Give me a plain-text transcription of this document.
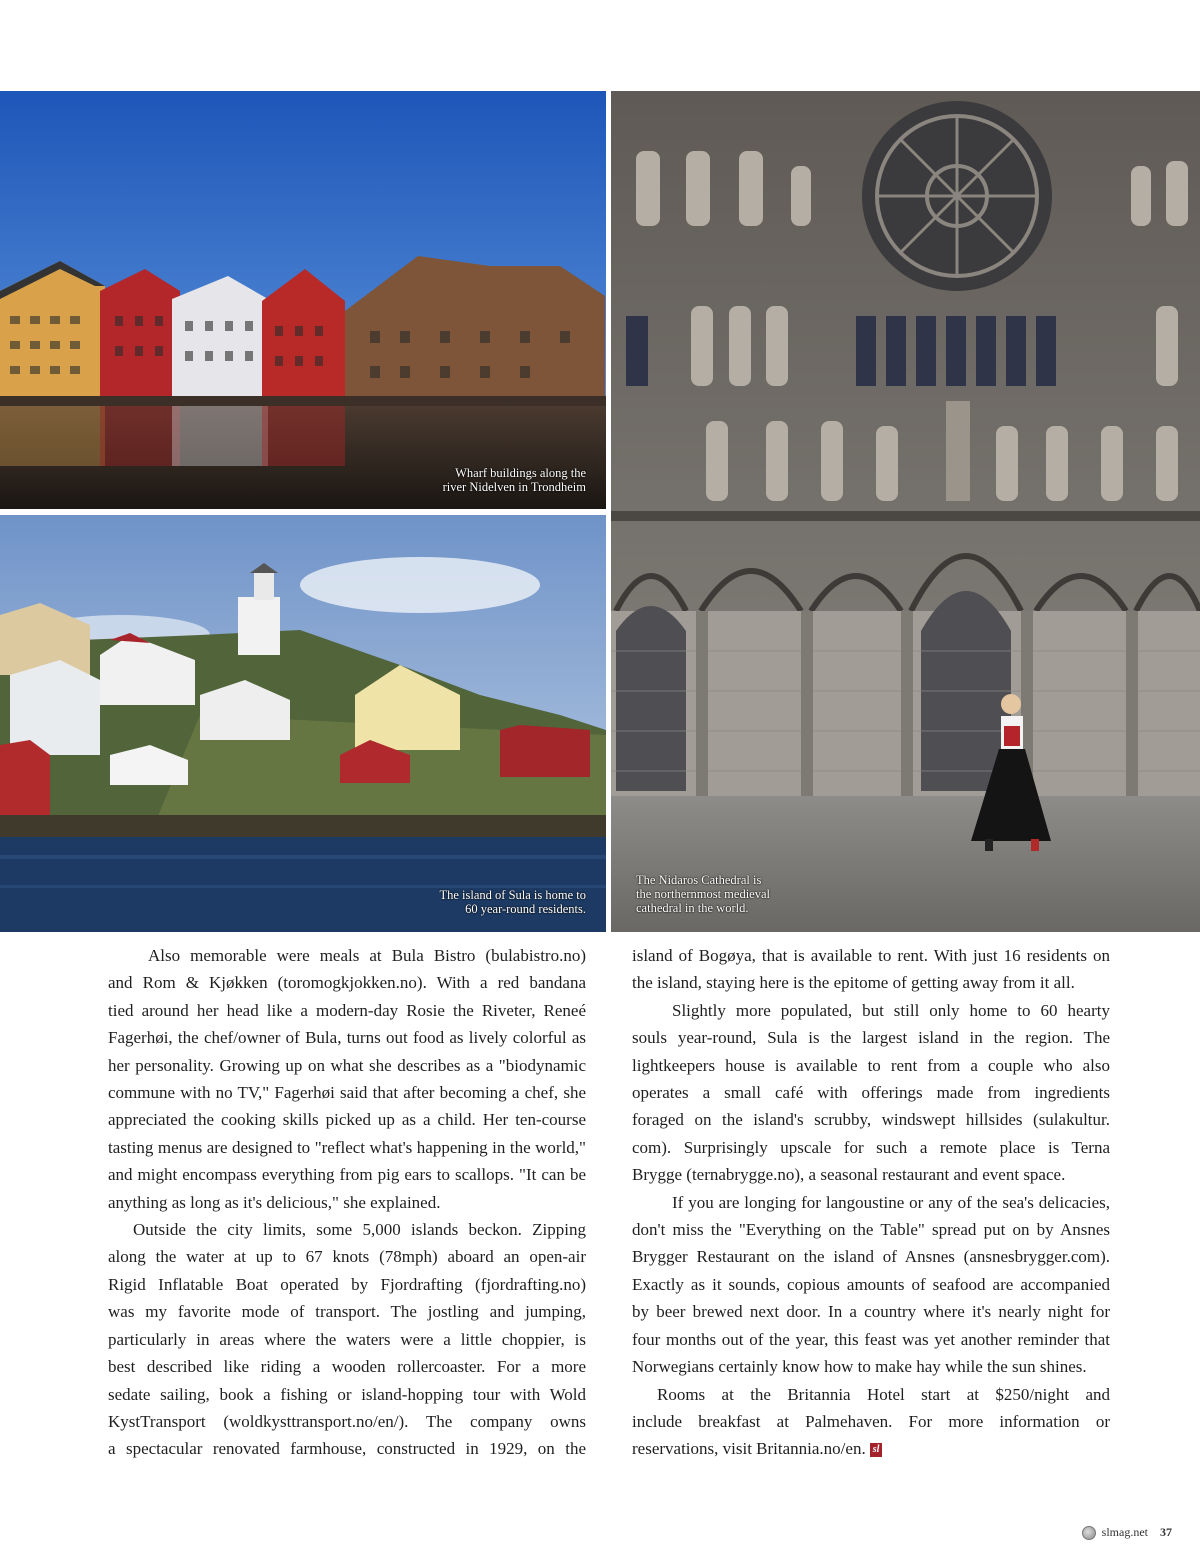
Wharf buildings along the
river Nidelven in Trondheim
The island of Sula is home to
60 year-round residents.
The Nidaros Cathedral is
the northernmost medieval
cathedral in the world.
Also memorable were meals at Bula Bistro (bulabistro.no)
and Rom & Kjøkken (toromogkjokken.no). With a red bandana
tied around her head like a modern-day Rosie the Riveter, Reneé
Fagerhøi, the chef/owner of Bula, turns out food as lively colorful as
her personality. Growing up on what she describes as a "biodynamic
commune with no TV," Fagerhøi said that after becoming a chef, she
appreciated the cooking skills picked up as a child. Her ten-course
tasting menus are designed to "reflect what's happening in the world,"
and might encompass everything from pig ears to scallops. "It can be
anything as long as it's delicious," she explained.
Outside the city limits, some 5,000 islands beckon. Zipping
along the water at up to 67 knots (78mph) aboard an open-air
Rigid Inflatable Boat operated by Fjordrafting (fjordrafting.no)
was my favorite mode of transport. The jostling and jumping,
particularly in areas where the waters were a little choppier, is
best described like riding a wooden rollercoaster. For a more
sedate sailing, book a fishing or island-hopping tour with Wold
KystTransport (woldkysttransport.no/en/). The company owns
a spectacular renovated farmhouse, constructed in 1929, on the
island of Bogøya, that is available to rent. With just 16 residents on
the island, staying here is the epitome of getting away from it all.
Slightly more populated, but still only home to 60 hearty
souls year-round, Sula is the largest island in the region. The
lightkeepers house is available to rent from a couple who also
operates a small café with offerings made from ingredients
foraged on the island's scrubby, windswept hillsides (sulakultur.
com). Surprisingly upscale for such a remote place is Terna
Brygge (ternabrygge.no), a seasonal restaurant and event space.
If you are longing for langoustine or any of the sea's delicacies,
don't miss the "Everything on the Table" spread put on by Ansnes
Brygger Restaurant on the island of Ansnes (ansnesbrygger.com).
Exactly as it sounds, copious amounts of seafood are accompanied
by beer brewed next door. In a country where it's nearly night for
four months out of the year, this feast was yet another reminder that
Norwegians certainly know how to make hay while the sun shines.
Rooms at the Britannia Hotel start at $250/night and
include breakfast at Palmehaven. For more information or
reservations, visit Britannia.no/en. sl
slmag.net 37
